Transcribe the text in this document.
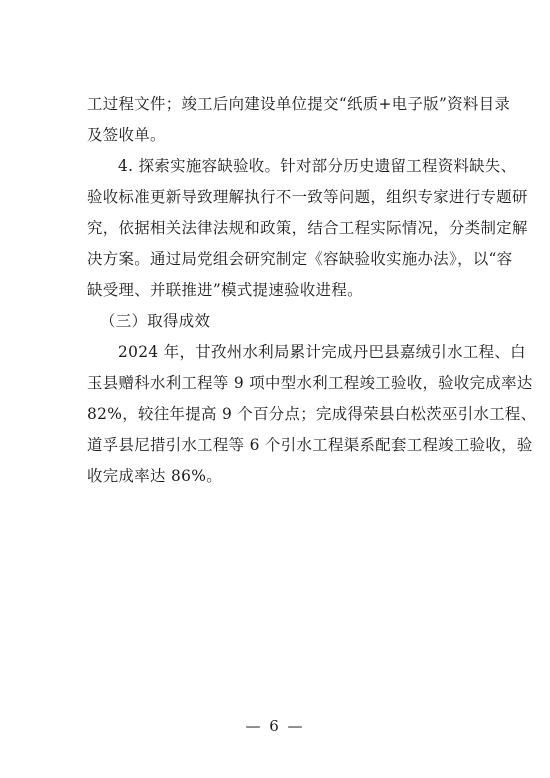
工过程文件；竣工后向建设单位提交“纸质+电子版”资料目录
及签收单。
4. 探索实施容缺验收。针对部分历史遗留工程资料缺失、
验收标准更新导致理解执行不一致等问题，组织专家进行专题研
究，依据相关法律法规和政策，结合工程实际情况，分类制定解
决方案。通过局党组会研究制定《容缺验收实施办法》，以“容
缺受理、并联推进”模式提速验收进程。
（三）取得成效
2024 年，甘孜州水利局累计完成丹巴县嘉绒引水工程、白
玉县赠科水利工程等 9 项中型水利工程竣工验收，验收完成率达
82%，较往年提高 9 个百分点；完成得荣县白松茨巫引水工程、
道孚县尼措引水工程等 6 个引水工程渠系配套工程竣工验收，验
收完成率达 86%。
— 6 —
